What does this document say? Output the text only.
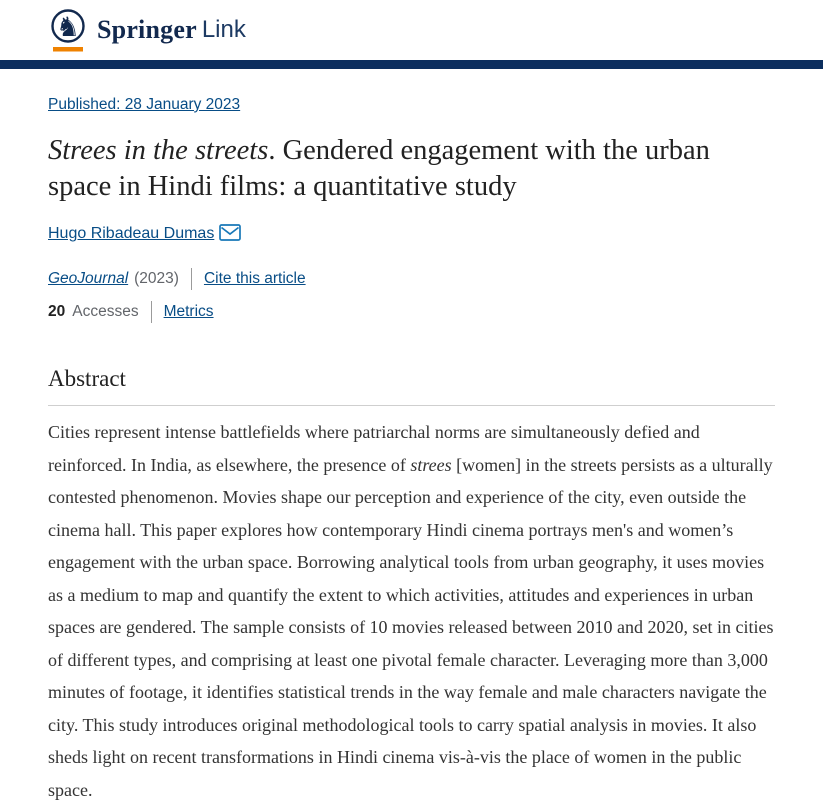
♞ Springer Link
Published: 28 January 2023
Strees in the streets. Gendered engagement with the urban space in Hindi films: a quantitative study
Hugo Ribadeau Dumas
GeoJournal (2023) Cite this article
20 Accesses Metrics
Abstract

Cities represent intense battlefields where patriarchal norms are simultaneously defied and reinforced. In India, as elsewhere, the presence of strees [women] in the streets persists as a ulturally contested phenomenon. Movies shape our perception and experience of the city, even outside the cinema hall. This paper explores how contemporary Hindi cinema portrays men's and women’s engagement with the urban space. Borrowing analytical tools from urban geography, it uses movies as a medium to map and quantify the extent to which activities, attitudes and experiences in urban spaces are gendered. The sample consists of 10 movies released between 2010 and 2020, set in cities of different types, and comprising at least one pivotal female character. Leveraging more than 3,000 minutes of footage, it identifies statistical trends in the way female and male characters navigate the city. This study introduces original methodological tools to carry spatial analysis in movies. It also sheds light on recent transformations in Hindi cinema vis-à-vis the place of women in the public space.
